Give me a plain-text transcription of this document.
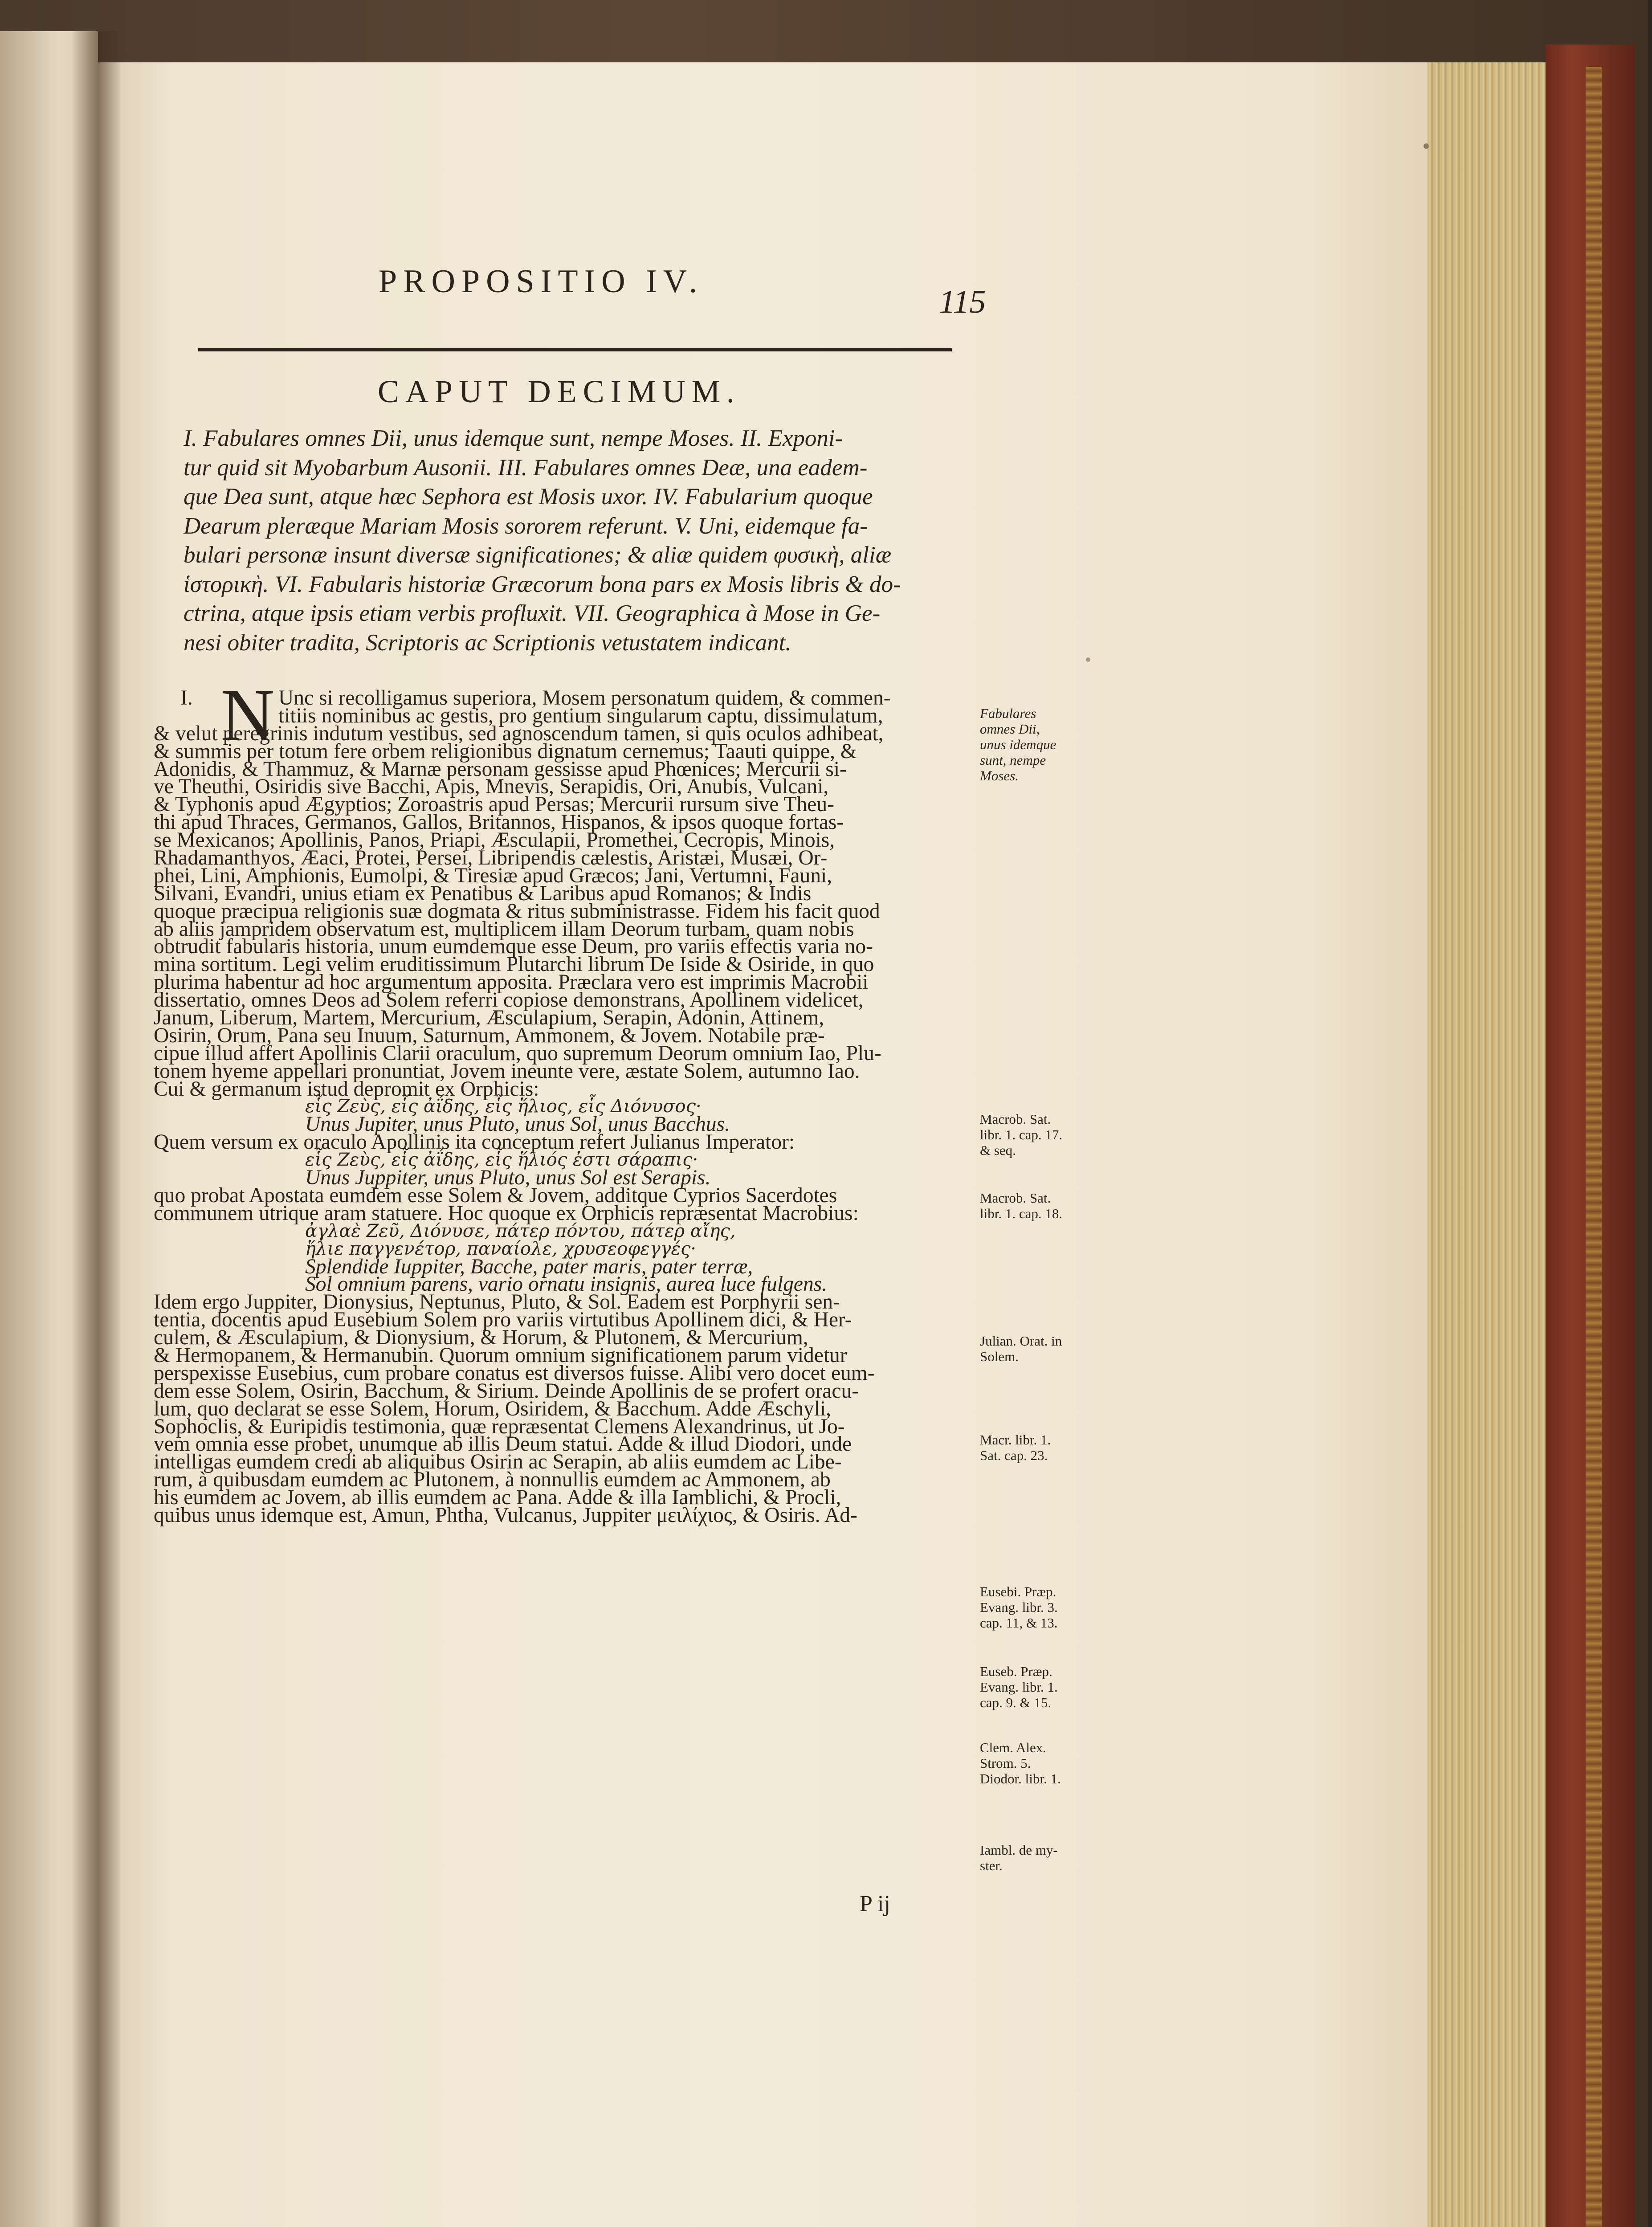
PROPOSITIO IV.
115
CAPUT DECIMUM.
I. Fabulares omnes Dii, unus idemque sunt, nempe Moses. II. Exponi-
tur quid sit Myobarbum Ausonii. III. Fabulares omnes Deæ, una eadem-
que Dea sunt, atque hæc Sephora est Mosis uxor. IV. Fabularium quoque
Dearum pleræque Mariam Mosis sororem referunt. V. Uni, eidemque fa-
bulari personæ insunt diversæ significationes; & aliæ quidem φυσικὴ, aliæ
ἱστορικὴ. VI. Fabularis historiæ Græcorum bona pars ex Mosis libris & do-
ctrina, atque ipsis etiam verbis profluxit. VII. Geographica à Mose in Ge-
nesi obiter tradita, Scriptoris ac Scriptionis vetustatem indicant.
I. N Unc si recolligamus superiora, Mosem personatum quidem, & commen-
titiis nominibus ac gestis, pro gentium singularum captu, dissimulatum,
& velut peregrinis indutum vestibus, sed agnoscendum tamen, si quis oculos adhibeat,
& summis per totum fere orbem religionibus dignatum cernemus; Taauti quippe, &
Adonidis, & Thammuz, & Marnæ personam gessisse apud Phœnices; Mercurii si-
ve Theuthi, Osiridis sive Bacchi, Apis, Mnevis, Serapidis, Ori, Anubis, Vulcani,
& Typhonis apud Ægyptios; Zoroastris apud Persas; Mercurii rursum sive Theu-
thi apud Thraces, Germanos, Gallos, Britannos, Hispanos, & ipsos quoque fortas-
se Mexicanos; Apollinis, Panos, Priapi, Æsculapii, Promethei, Cecropis, Minois,
Rhadamanthyos, Æaci, Protei, Persei, Libripendis cælestis, Aristæi, Musæi, Or-
phei, Lini, Amphionis, Eumolpi, & Tiresiæ apud Græcos; Jani, Vertumni, Fauni,
Silvani, Evandri, unius etiam ex Penatibus & Laribus apud Romanos; & Indis
quoque præcipua religionis suæ dogmata & ritus subministrasse. Fidem his facit quod
ab aliis jampridem observatum est, multiplicem illam Deorum turbam, quam nobis
obtrudit fabularis historia, unum eumdemque esse Deum, pro variis effectis varia no-
mina sortitum. Legi velim eruditissimum Plutarchi librum De Iside & Osiride, in quo
plurima habentur ad hoc argumentum apposita. Præclara vero est imprimis Macrobii
dissertatio, omnes Deos ad Solem referri copiose demonstrans, Apollinem videlicet,
Janum, Liberum, Martem, Mercurium, Æsculapium, Serapin, Adonin, Attinem,
Osirin, Orum, Pana seu Inuum, Saturnum, Ammonem, & Jovem. Notabile præ-
cipue illud affert Apollinis Clarii oraculum, quo supremum Deorum omnium Iao, Plu-
tonem hyeme appellari pronuntiat, Jovem ineunte vere, æstate Solem, autumno Iao.
Cui & germanum istud depromit ex Orphicis:
εἷς Ζεὺς, εἷς ἀΐδης, εἷς ἥλιος, εἷς Διόνυσος·
Unus Jupiter, unus Pluto, unus Sol, unus Bacchus.
Quem versum ex oraculo Apollinis ita conceptum refert Julianus Imperator:
εἷς Ζεὺς, εἷς ἀΐδης, εἷς ἥλιός ἐστι σάραπις·
Unus Juppiter, unus Pluto, unus Sol est Serapis.
quo probat Apostata eumdem esse Solem & Jovem, additque Cyprios Sacerdotes
communem utrique aram statuere. Hoc quoque ex Orphicis repræsentat Macrobius:
ἀγλαὲ Ζεῦ, Διόνυσε, πάτερ πόντου, πάτερ αἴης,
ἥλιε παγγενέτορ, παναίολε, χρυσεοφεγγές·
Splendide Iuppiter, Bacche, pater maris, pater terræ,
Sol omnium parens, vario ornatu insignis, aurea luce fulgens.
Idem ergo Juppiter, Dionysius, Neptunus, Pluto, & Sol. Eadem est Porphyrii sen-
tentia, docentis apud Eusebium Solem pro variis virtutibus Apollinem dici, & Her-
culem, & Æsculapium, & Dionysium, & Horum, & Plutonem, & Mercurium,
& Hermopanem, & Hermanubin. Quorum omnium significationem parum videtur
perspexisse Eusebius, cum probare conatus est diversos fuisse. Alibi vero docet eum-
dem esse Solem, Osirin, Bacchum, & Sirium. Deinde Apollinis de se profert oracu-
lum, quo declarat se esse Solem, Horum, Osiridem, & Bacchum. Adde Æschyli,
Sophoclis, & Euripidis testimonia, quæ repræsentat Clemens Alexandrinus, ut Jo-
vem omnia esse probet, unumque ab illis Deum statui. Adde & illud Diodori, unde
intelligas eumdem credi ab aliquibus Osirin ac Serapin, ab aliis eumdem ac Libe-
rum, à quibusdam eumdem ac Plutonem, à nonnullis eumdem ac Ammonem, ab
his eumdem ac Jovem, ab illis eumdem ac Pana. Adde & illa Iamblichi, & Procli,
quibus unus idemque est, Amun, Phtha, Vulcanus, Juppiter μειλίχιος, & Osiris. Ad-
Fabulares
omnes Dii,
unus idemque
sunt, nempe
Moses.
Macrob. Sat.
libr. 1. cap. 17.
& seq.
Macrob. Sat.
libr. 1. cap. 18.
Julian. Orat. in
Solem.
Macr. libr. 1.
Sat. cap. 23.
Eusebi. Præp.
Evang. libr. 3.
cap. 11, & 13.
Euseb. Præp.
Evang. libr. 1.
cap. 9. & 15.
Clem. Alex.
Strom. 5.
Diodor. libr. 1.
Iambl. de my-
ster.
P ij
